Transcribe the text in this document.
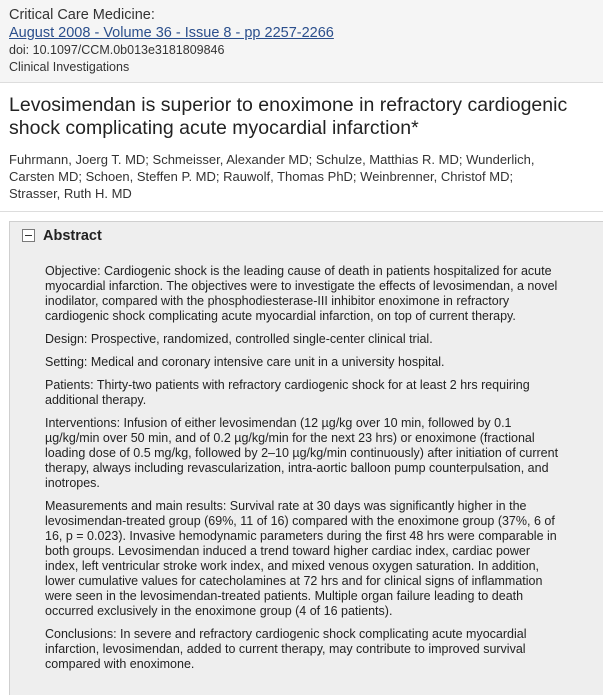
Critical Care Medicine:
August 2008 - Volume 36 - Issue 8 - pp 2257-2266
doi: 10.1097/CCM.0b013e3181809846
Clinical Investigations
Levosimendan is superior to enoximone in refractory cardiogenic
shock complicating acute myocardial infarction*
Fuhrmann, Joerg T. MD; Schmeisser, Alexander MD; Schulze, Matthias R. MD; Wunderlich,
Carsten MD; Schoen, Steffen P. MD; Rauwolf, Thomas PhD; Weinbrenner, Christof MD;
Strasser, Ruth H. MD
Abstract

Objective: Cardiogenic shock is the leading cause of death in patients hospitalized for acute myocardial infarction. The objectives were to investigate the effects of levosimendan, a novel inodilator, compared with the phosphodiesterase-III inhibitor enoximone in refractory cardiogenic shock complicating acute myocardial infarction, on top of current therapy.

Design: Prospective, randomized, controlled single-center clinical trial.

Setting: Medical and coronary intensive care unit in a university hospital.

Patients: Thirty-two patients with refractory cardiogenic shock for at least 2 hrs requiring additional therapy.

Interventions: Infusion of either levosimendan (12 µg/kg over 10 min, followed by 0.1 µg/kg/min over 50 min, and of 0.2 µg/kg/min for the next 23 hrs) or enoximone (fractional loading dose of 0.5 mg/kg, followed by 2–10 µg/kg/min continuously) after initiation of current therapy, always including revascularization, intra-aortic balloon pump counterpulsation, and inotropes.

Measurements and main results: Survival rate at 30 days was significantly higher in the levosimendan-treated group (69%, 11 of 16) compared with the enoximone group (37%, 6 of 16, p = 0.023). Invasive hemodynamic parameters during the first 48 hrs were comparable in both groups. Levosimendan induced a trend toward higher cardiac index, cardiac power index, left ventricular stroke work index, and mixed venous oxygen saturation. In addition, lower cumulative values for catecholamines at 72 hrs and for clinical signs of inflammation were seen in the levosimendan-treated patients. Multiple organ failure leading to death occurred exclusively in the enoximone group (4 of 16 patients).

Conclusions: In severe and refractory cardiogenic shock complicating acute myocardial infarction, levosimendan, added to current therapy, may contribute to improved survival compared with enoximone.
